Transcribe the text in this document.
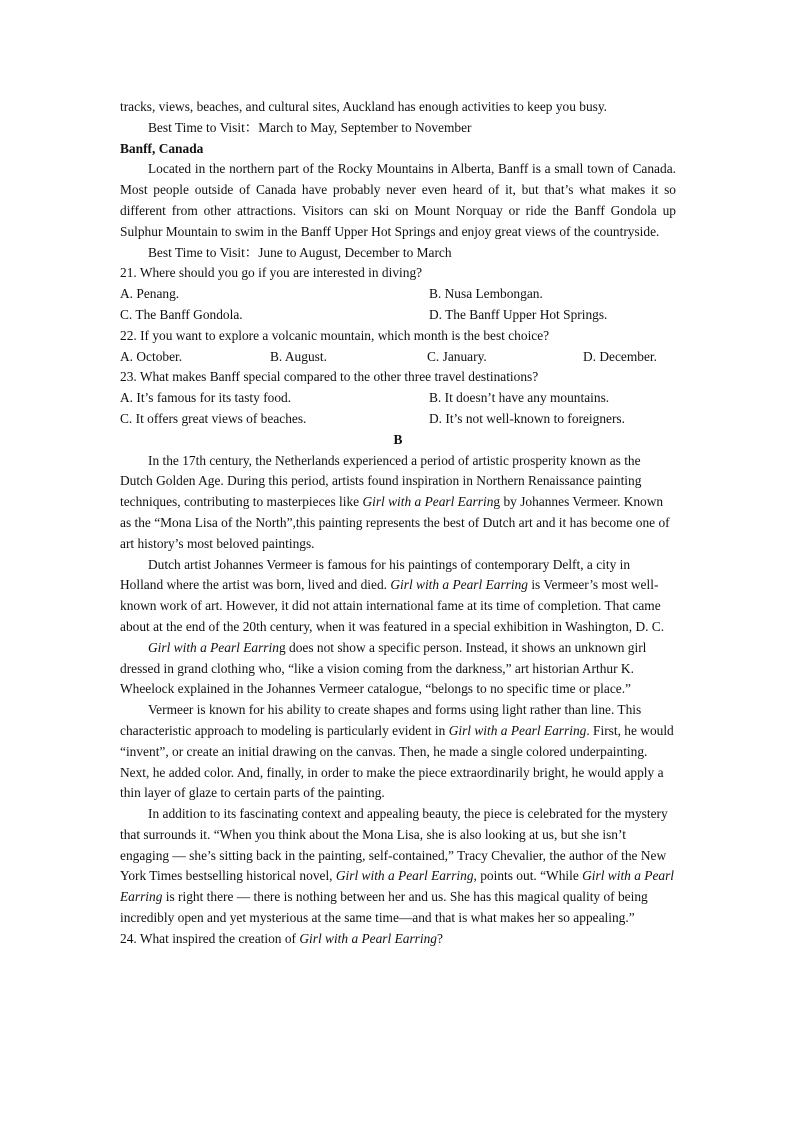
tracks, views, beaches, and cultural sites, Auckland has enough activities to keep you busy.

Best Time to Visit：March to May, September to November

Banff, Canada

Located in the northern part of the Rocky Mountains in Alberta, Banff is a small town of Canada. Most people outside of Canada have probably never even heard of it, but that’s what makes it so different from other attractions. Visitors can ski on Mount Norquay or ride the Banff Gondola up Sulphur Mountain to swim in the Banff Upper Hot Springs and enjoy great views of the countryside.

Best Time to Visit：June to August, December to March

21. Where should you go if you are interested in diving?

A. Penang.	B. Nusa Lembongan.
C. The Banff Gondola.	D. The Banff Upper Hot Springs.

22. If you want to explore a volcanic mountain, which month is the best choice?

A. October.	B. August.	C. January.	D. December.

23. What makes Banff special compared to the other three travel destinations?

A. It’s famous for its tasty food.	B. It doesn’t have any mountains.
C. It offers great views of beaches.	D. It’s not well-known to foreigners.

B

In the 17th century, the Netherlands experienced a period of artistic prosperity known as the Dutch Golden Age. During this period, artists found inspiration in Northern Renaissance painting techniques, contributing to masterpieces like Girl with a Pearl Earring by Johannes Vermeer. Known as the “Mona Lisa of the North”,this painting represents the best of Dutch art and it has become one of art history’s most beloved paintings.

Dutch artist Johannes Vermeer is famous for his paintings of contemporary Delft, a city in Holland where the artist was born, lived and died. Girl with a Pearl Earring is Vermeer’s most well-known work of art. However, it did not attain international fame at its time of completion. That came about at the end of the 20th century, when it was featured in a special exhibition in Washington, D. C.

Girl with a Pearl Earring does not show a specific person. Instead, it shows an unknown girl dressed in grand clothing who, “like a vision coming from the darkness,” art historian Arthur K. Wheelock explained in the Johannes Vermeer catalogue, “belongs to no specific time or place.”

Vermeer is known for his ability to create shapes and forms using light rather than line. This characteristic approach to modeling is particularly evident in Girl with a Pearl Earring. First, he would “invent”, or create an initial drawing on the canvas. Then, he made a single colored underpainting. Next, he added color. And, finally, in order to make the piece extraordinarily bright, he would apply a thin layer of glaze to certain parts of the painting.

In addition to its fascinating context and appealing beauty, the piece is celebrated for the mystery that surrounds it. “When you think about the Mona Lisa, she is also looking at us, but she isn’t engaging — she’s sitting back in the painting, self-contained,” Tracy Chevalier, the author of the New York Times bestselling historical novel, Girl with a Pearl Earring, points out. “While Girl with a Pearl Earring is right there — there is nothing between her and us. She has this magical quality of being incredibly open and yet mysterious at the same time—and that is what makes her so appealing.”

24. What inspired the creation of Girl with a Pearl Earring?
